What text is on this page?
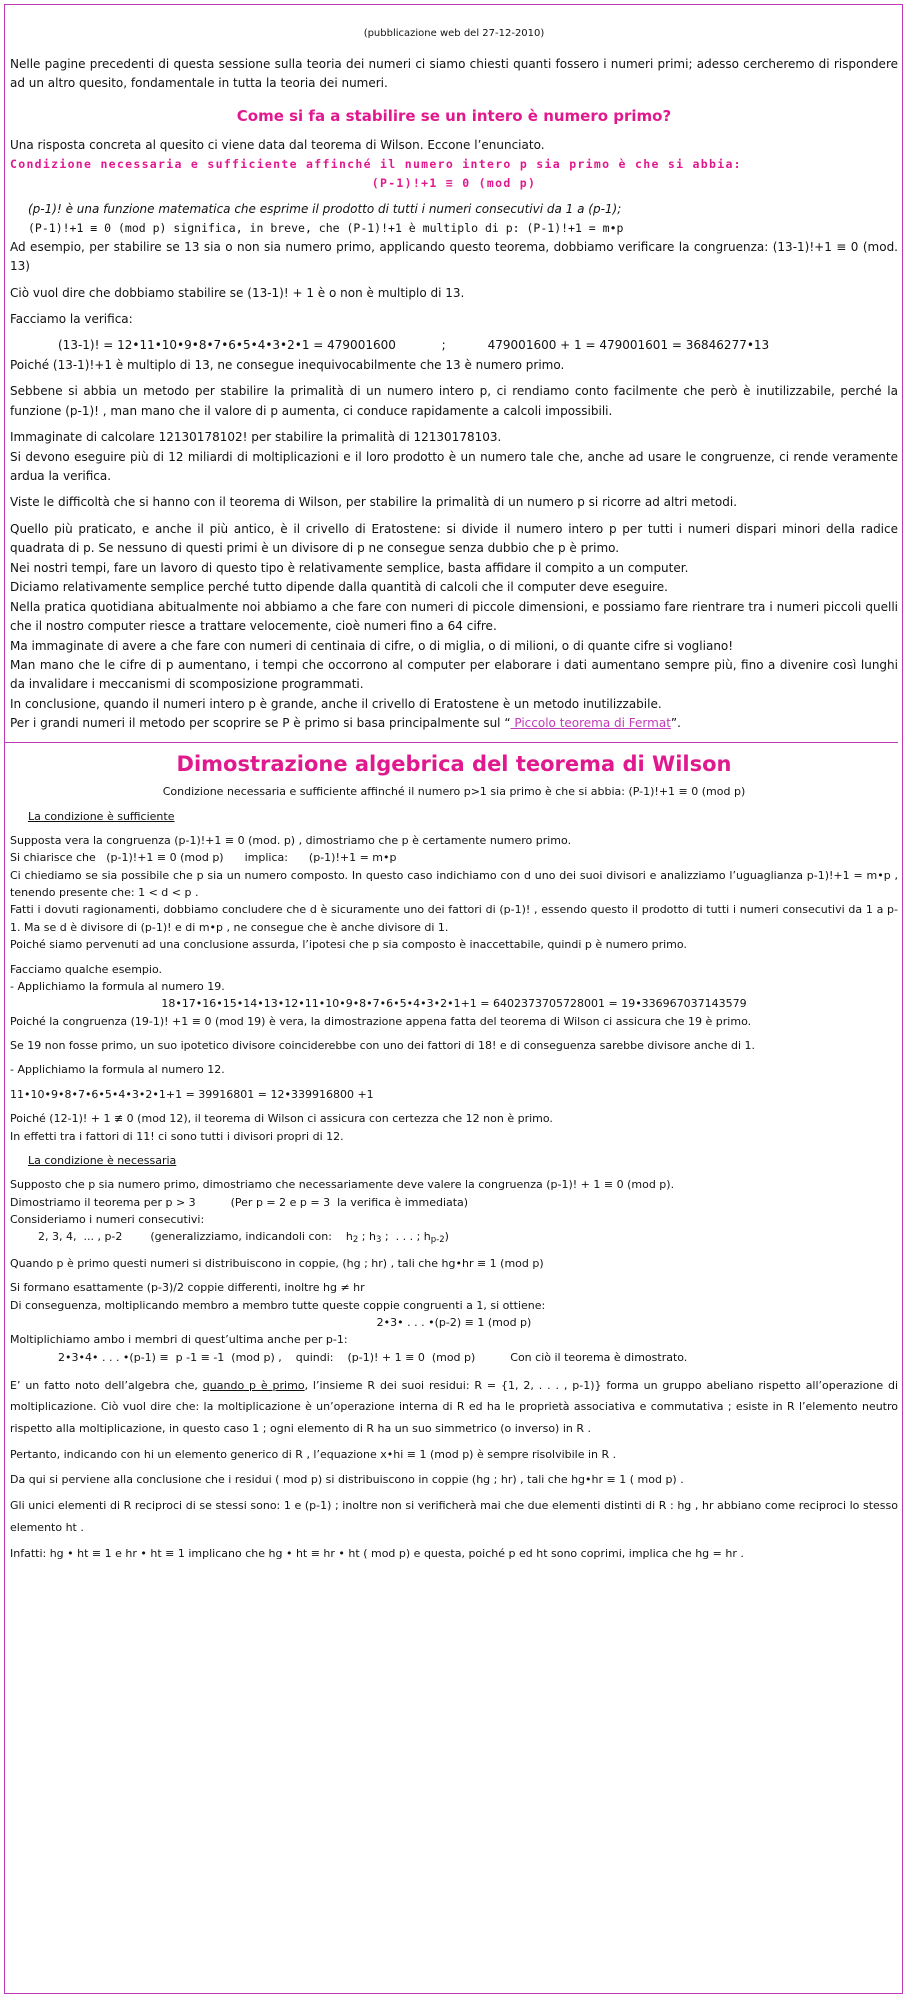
(pubblicazione web del 27-12-2010)

Nelle pagine precedenti di questa sessione sulla teoria dei numeri ci siamo chiesti quanti fossero i numeri primi; adesso cercheremo di rispondere ad un altro quesito, fondamentale in tutta la teoria dei numeri.

Come si fa a stabilire se un intero è numero primo?

Una risposta concreta al quesito ci viene data dal teorema di Wilson. Eccone l’enunciato.

Condizione necessaria e sufficiente affinché il numero intero p sia primo è che si abbia:
(P-1)!+1 ≡ 0 (mod p)

(p-1)! è una funzione matematica che esprime il prodotto di tutti i numeri consecutivi da 1 a (p-1);

(P-1)!+1 ≡ 0 (mod p) significa, in breve, che (P-1)!+1 è multiplo di p: (P-1)!+1 = m•p

Ad esempio, per stabilire se 13 sia o non sia numero primo, applicando questo teorema, dobbiamo verificare la congruenza: (13-1)!+1 ≡ 0 (mod. 13)

Ciò vuol dire che dobbiamo stabilire se (13-1)! + 1 è o non è multiplo di 13.

Facciamo la verifica:

(13-1)! = 12•11•10•9•8•7•6•5•4•3•2•1 = 479001600            ;           479001600 + 1 = 479001601 = 36846277•13

Poiché (13-1)!+1 è multiplo di 13, ne consegue inequivocabilmente che 13 è numero primo.

Sebbene si abbia un metodo per stabilire la primalità di un numero intero p, ci rendiamo conto facilmente che però è inutilizzabile, perché la funzione (p-1)! , man mano che il valore di p aumenta, ci conduce rapidamente a calcoli impossibili.

Immaginate di calcolare 12130178102! per stabilire la primalità di 12130178103.

Si devono eseguire più di 12 miliardi di moltiplicazioni e il loro prodotto è un numero tale che, anche ad usare le congruenze, ci rende veramente ardua la verifica.

Viste le difficoltà che si hanno con il teorema di Wilson, per stabilire la primalità di un numero p si ricorre ad altri metodi.

Quello più praticato, e anche il più antico, è il crivello di Eratostene: si divide il numero intero p per tutti i numeri dispari minori della radice quadrata di p. Se nessuno di questi primi è un divisore di p ne consegue senza dubbio che p è primo.

Nei nostri tempi, fare un lavoro di questo tipo è relativamente semplice, basta affidare il compito a un computer.

Diciamo relativamente semplice perché tutto dipende dalla quantità di calcoli che il computer deve eseguire.

Nella pratica quotidiana abitualmente noi abbiamo a che fare con numeri di piccole dimensioni, e possiamo fare rientrare tra i numeri piccoli quelli che il nostro computer riesce a trattare velocemente, cioè numeri fino a 64 cifre.

Ma immaginate di avere a che fare con numeri di centinaia di cifre, o di miglia, o di milioni, o di quante cifre si vogliano!

Man mano che le cifre di p aumentano, i tempi che occorrono al computer per elaborare i dati aumentano sempre più, fino a divenire così lunghi da invalidare i meccanismi di scomposizione programmati.

In conclusione, quando il numeri intero p è grande, anche il crivello di Eratostene è un metodo inutilizzabile.

Per i grandi numeri il metodo per scoprire se P è primo si basa principalmente sul “ Piccolo teorema di Fermat”.

Dimostrazione algebrica del teorema di Wilson

Condizione necessaria e sufficiente affinché il numero p>1 sia primo è che si abbia: (P-1)!+1 ≡ 0 (mod p)

La condizione è sufficiente

Supposta vera la congruenza (p-1)!+1 ≡ 0 (mod. p) , dimostriamo che p è certamente numero primo.

Si chiarisce che   (p-1)!+1 ≡ 0 (mod p)      implica:      (p-1)!+1 = m•p

Ci chiediamo se sia possibile che p sia un numero composto. In questo caso indichiamo con d uno dei suoi divisori e analizziamo l’uguaglianza p-1)!+1 = m•p , tenendo presente che: 1 < d < p .

Fatti i dovuti ragionamenti, dobbiamo concludere che d è sicuramente uno dei fattori di (p-1)! , essendo questo il prodotto di tutti i numeri consecutivi da 1 a p-1. Ma se d è divisore di (p-1)! e di m•p , ne consegue che è anche divisore di 1.

Poiché siamo pervenuti ad una conclusione assurda, l’ipotesi che p sia composto è inaccettabile, quindi p è numero primo.

Facciamo qualche esempio.

- Applichiamo la formula al numero 19.

18•17•16•15•14•13•12•11•10•9•8•7•6•5•4•3•2•1+1 = 6402373705728001 = 19•336967037143579

Poiché la congruenza (19-1)! +1 ≡ 0 (mod 19) è vera, la dimostrazione appena fatta del teorema di Wilson ci assicura che 19 è primo.

Se 19 non fosse primo, un suo ipotetico divisore coinciderebbe con uno dei fattori di 18! e di conseguenza sarebbe divisore anche di 1.

- Applichiamo la formula al numero 12.

11•10•9•8•7•6•5•4•3•2•1+1 = 39916801 = 12•339916800 +1

Poiché (12-1)! + 1 ≢ 0 (mod 12), il teorema di Wilson ci assicura con certezza che 12 non è primo.

In effetti tra i fattori di 11! ci sono tutti i divisori propri di 12.

La condizione è necessaria

Supposto che p sia numero primo, dimostriamo che necessariamente deve valere la congruenza (p-1)! + 1 ≡ 0 (mod p).

Dimostriamo il teorema per p > 3          (Per p = 2 e p = 3  la verifica è immediata)

Consideriamo i numeri consecutivi:

2, 3, 4,  ... , p-2        (generalizziamo, indicandoli con:    $h_2$ ; $h_3$ ;  . . . ; $h_{p-2}$)

Quando p è primo questi numeri si distribuiscono in coppie, (hg ; hr) , tali che hg•hr ≡ 1 (mod p)

Si formano esattamente (p-3)/2 coppie differenti, inoltre hg ≠ hr

Di conseguenza, moltiplicando membro a membro tutte queste coppie congruenti a 1, si ottiene:

2•3• . . . •(p-2) ≡ 1 (mod p)

Moltiplichiamo ambo i membri di quest’ultima anche per p-1:

2•3•4• . . . •(p-1) ≡  p -1 ≡ -1  (mod p) ,    quindi:    (p-1)! + 1 ≡ 0  (mod p)          Con ciò il teorema è dimostrato.

E’ un fatto noto dell’algebra che, quando p è primo, l’insieme R dei suoi residui: R = {1, 2, . . . , p-1)} forma un gruppo abeliano rispetto all’operazione di moltiplicazione. Ciò vuol dire che: la moltiplicazione è un’operazione interna di R ed ha le proprietà associativa e commutativa ; esiste in R l’elemento neutro rispetto alla moltiplicazione, in questo caso 1 ; ogni elemento di R ha un suo simmetrico (o inverso) in R .

Pertanto, indicando con hi un elemento generico di R , l’equazione x•hi ≡ 1 (mod p) è sempre risolvibile in R .

Da qui si perviene alla conclusione che i residui ( mod p) si distribuiscono in coppie (hg ; hr) , tali che hg•hr ≡ 1 ( mod p) .

Gli unici elementi di R reciproci di se stessi sono: 1 e (p-1) ; inoltre non si verificherà mai che due elementi distinti di R : hg , hr abbiano come reciproci lo stesso elemento ht .

Infatti: hg • ht ≡ 1 e hr • ht ≡ 1 implicano che hg • ht ≡ hr • ht ( mod p) e questa, poiché p ed ht sono coprimi, implica che hg = hr .
